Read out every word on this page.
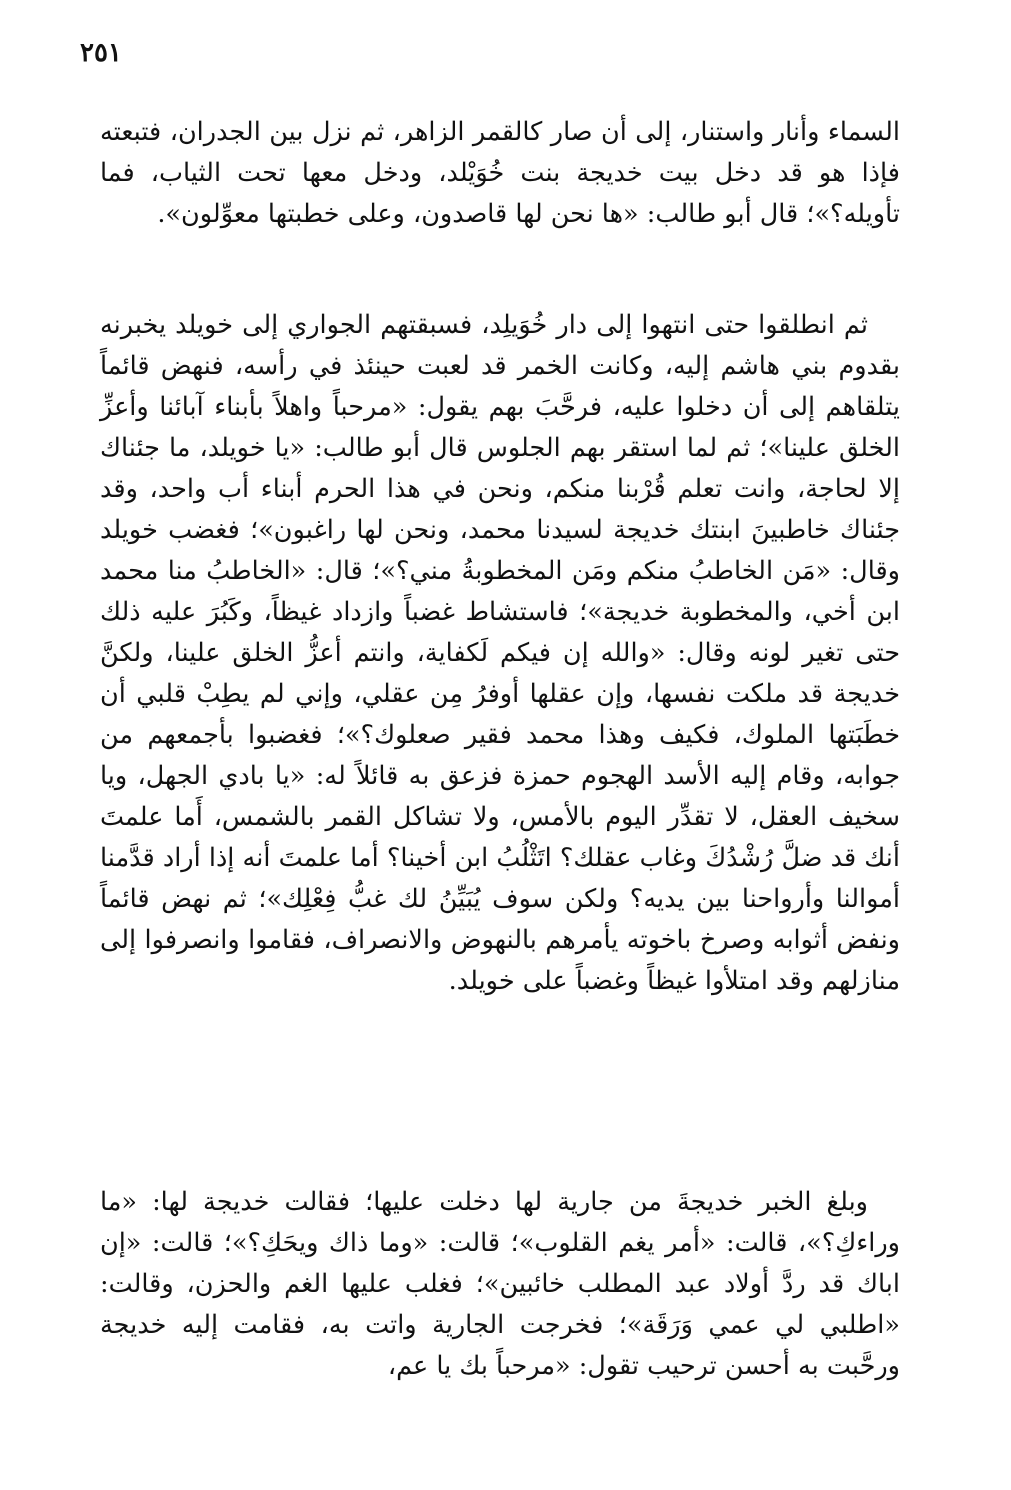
٢٥١

السماء وأنار واستنار، إلى أن صار كالقمر الزاهر، ثم نزل بين الجدران، فتبعته فإذا هو قد دخل بيت خديجة بنت خُوَيْلد، ودخل معها تحت الثياب، فما تأويله؟»؛ قال أبو طالب: «ها نحن لها قاصدون، وعلى خطبتها معوِّلون».

ثم انطلقوا حتى انتهوا إلى دار خُوَيلِد، فسبقتهم الجواري إلى خويلد يخبرنه بقدوم بني هاشم إليه، وكانت الخمر قد لعبت حينئذ في رأسه، فنهض قائماً يتلقاهم إلى أن دخلوا عليه، فرحَّبَ بهم يقول: «مرحباً واهلاً بأبناء آبائنا وأعزِّ الخلق علينا»؛ ثم لما استقر بهم الجلوس قال أبو طالب: «يا خويلد، ما جئناك إلا لحاجة، وانت تعلم قُرْبنا منكم، ونحن في هذا الحرم أبناء أب واحد، وقد جئناك خاطبينَ ابنتك خديجة لسيدنا محمد، ونحن لها راغبون»؛ فغضب خويلد وقال: «مَن الخاطبُ منكم ومَن المخطوبةُ مني؟»؛ قال: «الخاطبُ منا محمد ابن أخي، والمخطوبة خديجة»؛ فاستشاط غضباً وازداد غيظاً، وكَبُرَ عليه ذلك حتى تغير لونه وقال: «والله إن فيكم لَكفاية، وانتم أعزُّ الخلق علينا، ولكنَّ خديجة قد ملكت نفسها، وإن عقلها أوفرُ مِن عقلي، وإني لم يطِبْ قلبي أن خطَبَتها الملوك، فكيف وهذا محمد فقير صعلوك؟»؛ فغضبوا بأجمعهم من جوابه، وقام إليه الأسد الهجوم حمزة فزعق به قائلاً له: «يا بادي الجهل، ويا سخيف العقل، لا تقدِّر اليوم بالأمس، ولا تشاكل القمر بالشمس، أَما علمتَ أنك قد ضلَّ رُشْدُكَ وغاب عقلك؟ اتَثْلُبُ ابن أخينا؟ أما علمتَ أنه إذا أراد قدَّمنا أموالنا وأرواحنا بين يديه؟ ولكن سوف يُبَيِّنُ لك غبُّ فِعْلِك»؛ ثم نهض قائماً ونفض أثوابه وصرخ باخوته يأمرهم بالنهوض والانصراف، فقاموا وانصرفوا إلى منازلهم وقد امتلأوا غيظاً وغضباً على خويلد.

وبلغ الخبر خديجةَ من جارية لها دخلت عليها؛ فقالت خديجة لها: «ما وراءكِ؟»، قالت: «أمر يغم القلوب»؛ قالت: «وما ذاك ويحَكِ؟»؛ قالت: «إن اباك قد ردَّ أولاد عبد المطلب خائبين»؛ فغلب عليها الغم والحزن، وقالت: «اطلبي لي عمي وَرَقَة»؛ فخرجت الجارية واتت به، فقامت إليه خديجة ورحَّبت به أحسن ترحيب تقول: «مرحباً بك يا عم،
